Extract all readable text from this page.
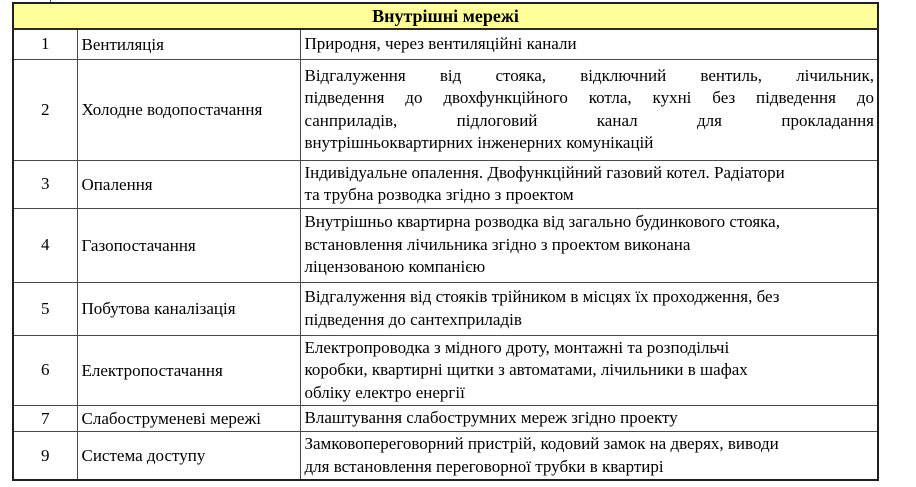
Внутрішні мережі		
1	Вентиляція	Природня, через вентиляційні канали

2	Холодне водопостачання	Відгалуження від стояка, відключний вентиль, лічильник,
підведення до двохфункційного котла, кухні без підведення до
санприладів, підлоговий канал для прокладання
внутрішньоквартирних інженерних комунікацій

3	Опалення	Індивідуальне опалення. Двофункційний газовий котел. Радіатори
та трубна розводка згідно з проектом

4	Газопостачання	Внутрішньо квартирна розводка від загально будинкового стояка,
встановлення лічильника згідно з проектом виконана
ліцензованою компанією

5	Побутова каналізація	Відгалуження від стояків трійником в місцях їх проходження, без
підведення до сантехприладів

6	Електропостачання	Електропроводка з мідного дроту, монтажні та розподільчі
коробки, квартирні щитки з автоматами, лічильники в шафах
обліку електро енергії

7	Слабоструменеві мережі	Влаштування слабострумних мереж згідно проекту

9	Система доступу	Замковопереговорний пристрій, кодовий замок на дверях, виводи
для встановлення переговорної трубки в квартирі
